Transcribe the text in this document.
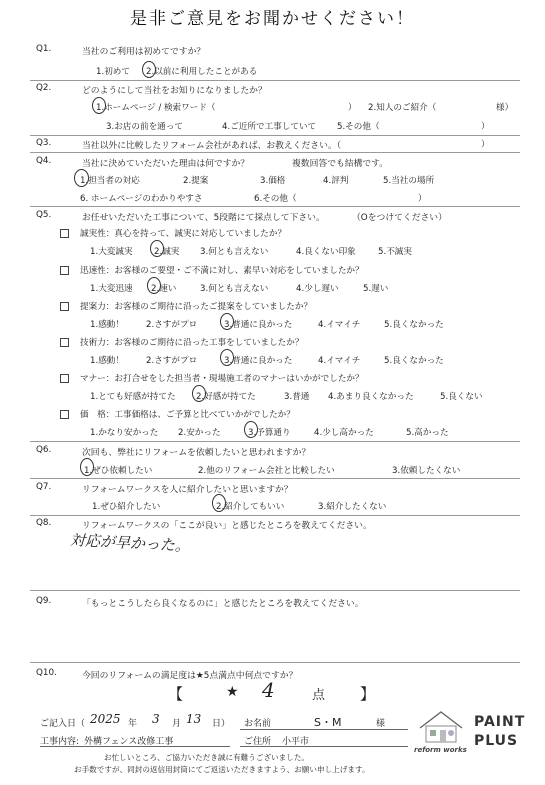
是非ご意見をお聞かせください！
Q1.	当社のご利用は初めてですか？
1.初めて 2.以前に利用したことがある
Q2.	どのようにして当社をお知りになりましたか？
1.ホームページ / 検索ワード（	） 2.知人のご紹介（	様）
3.お店の前を通って	4.ご近所で工事していて 5.その他（	）
Q3.	当社以外に比較したリフォーム会社があれば、お教えください。（	）
Q4.	当社に決めていただいた理由は何ですか？	複数回答でも結構です。
1.担当者の対応	2.提案	3.価格	4.評判	5.当社の場所
6. ホームページのわかりやすさ	6.その他（	）
Q5.	お任せいただいた工事について、5段階にて採点して下さい。	（Oをつけてください）
誠実性：真心を持って、誠実に対応していましたか？
1.大変誠実 2.誠実 3.何とも言えない	4.良くない印象	5.不誠実
迅速性：お客様のご要望・ご不満に対し、素早い対応をしていましたか？
1.大変迅速 2.速い	3.何とも言えない	4.少し遅い	5.遅い
提案力：お客様のご期待に沿ったご提案をしていましたか？
1.感動！	2.さすがプロ	3.普通に良かった	4.イマイチ	5.良くなかった
技術力：お客様のご期待に沿った工事をしていましたか？
1.感動！	2.さすがプロ	3.普通に良かった	4.イマイチ	5.良くなかった
マナー：お打合せをした担当者・現場施工者のマナーはいかがでしたか？
1.とても好感が持てた 2.好感が持てた	3.普通 4.あまり良くなかった	5.良くない
価　格：工事価格は、ご予算と比べていかがでしたか？
1.かなり安かった 2.安かった	3.予算通り	4.少し高かった	5.高かった
Q6.	次回も、弊社にリフォームを依頼したいと思われますか？
1.ぜひ依頼したい	2.他のリフォーム会社と比較したい	3.依頼したくない
Q7.	リフォームワークスを人に紹介したいと思いますか？
1.ぜひ紹介したい	2.紹介してもいい	3.紹介したくない
Q8.	リフォームワークスの「ここが良い」と感じたところを教えてください。
対応が早かった。
Q9.	「もっとこうしたら良くなるのに」と感じたところを教えてください。
Q10.	今回のリフォームの満足度は★5点満点中何点ですか？
【	★ 4	点 】
ご記入日（ 2025 年 3 月 13 日） お名前	S・M	様
工事内容: 外構フェンス改修工事	ご住所 小平市
お忙しいところ、ご協力いただき誠に有難うございました。
お手数ですが、同封の返信用封筒にてご返送いただきますよう、お願い申し上げます。
reform works
PAINT
PLUS
